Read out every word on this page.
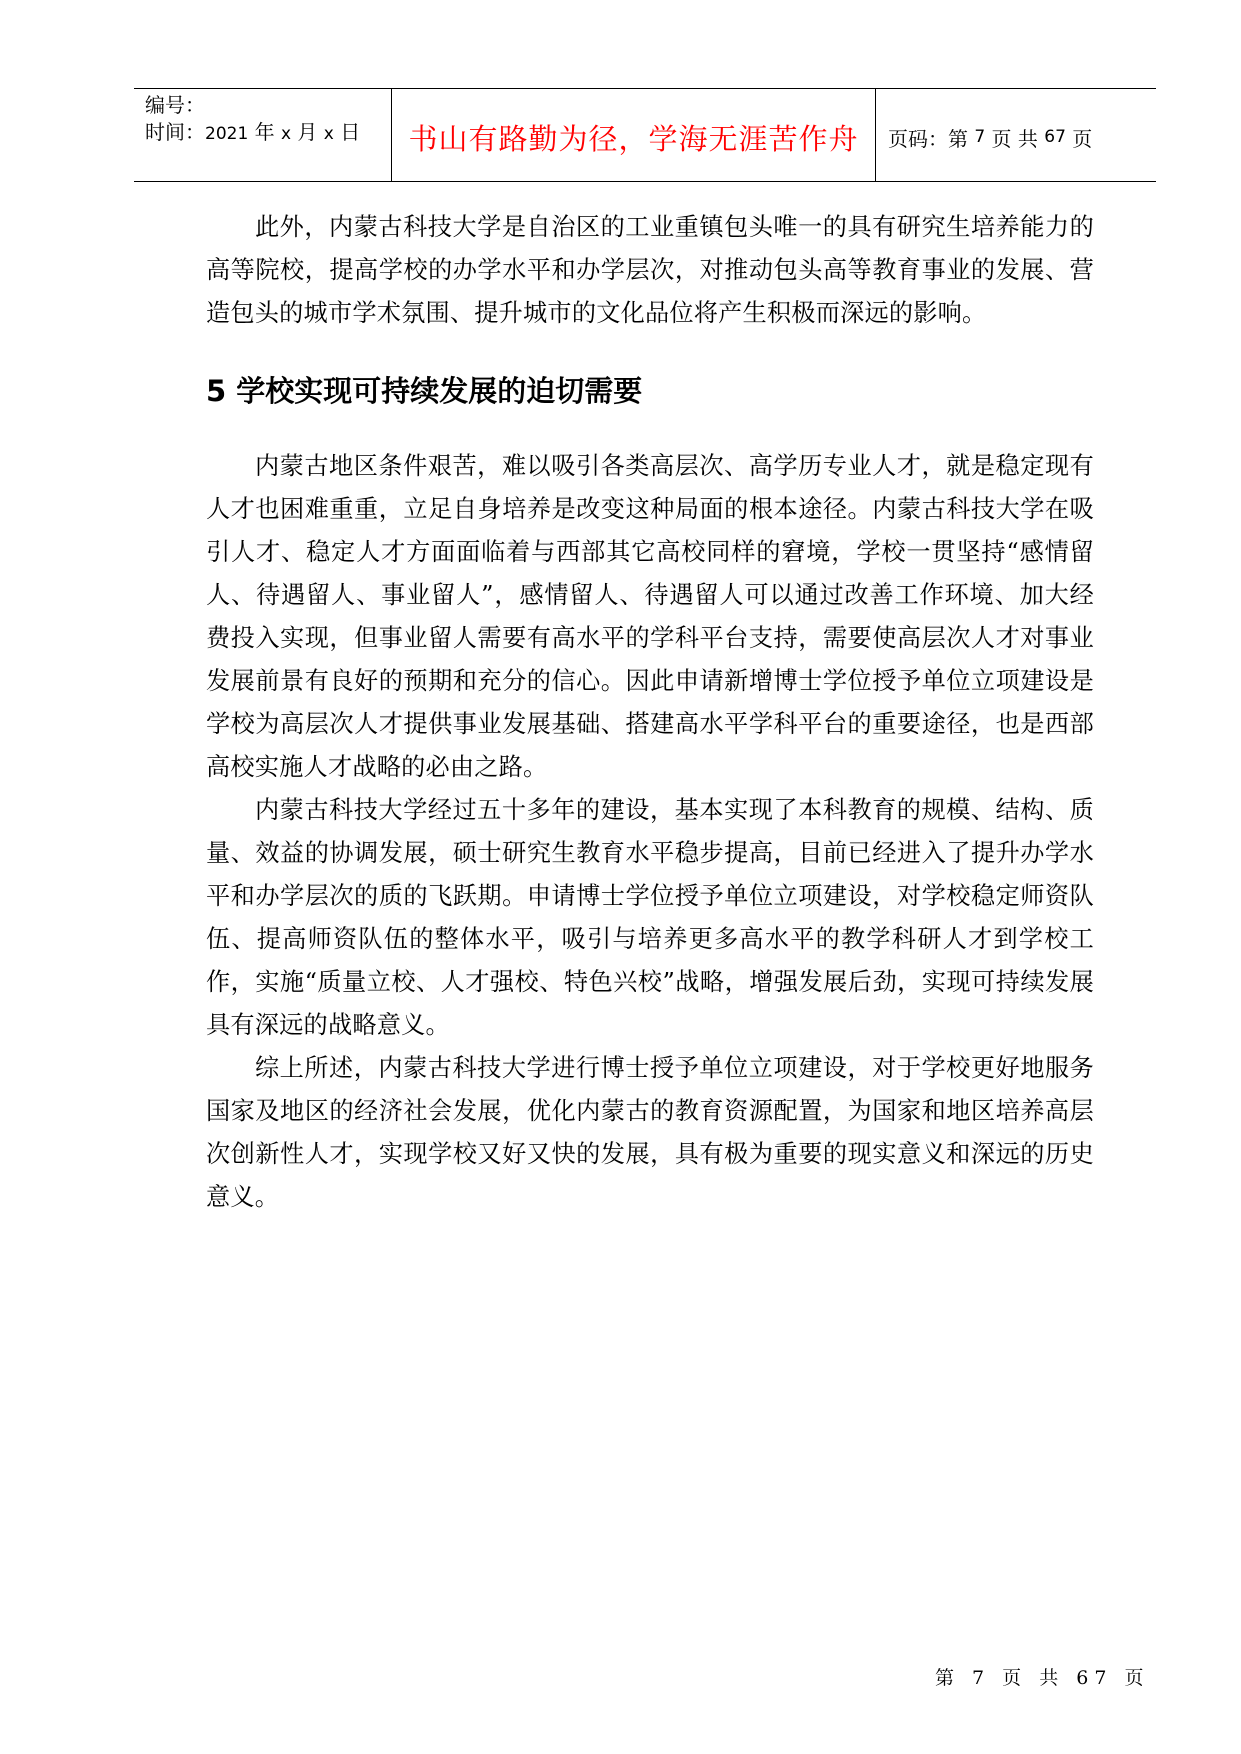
编号：
时间：2021 年 x 月 x 日	书山有路勤为径，学海无涯苦作舟	页码：第
7
页 共
67
页

此外，内蒙古科技大学是自治区的工业重镇包头唯一的具有研究生培养能力的高等院校，提高学校的办学水平和办学层次，对推动包头高等教育事业的发展、营造包头的城市学术氛围、提升城市的文化品位将产生积极而深远的影响。

5 学校实现可持续发展的迫切需要

内蒙古地区条件艰苦，难以吸引各类高层次、高学历专业人才，就是稳定现有人才也困难重重，立足自身培养是改变这种局面的根本途径。内蒙古科技大学在吸引人才、稳定人才方面面临着与西部其它高校同样的窘境，学校一贯坚持“感情留人、待遇留人、事业留人”，感情留人、待遇留人可以通过改善工作环境、加大经费投入实现，但事业留人需要有高水平的学科平台支持，需要使高层次人才对事业发展前景有良好的预期和充分的信心。因此申请新增博士学位授予单位立项建设是学校为高层次人才提供事业发展基础、搭建高水平学科平台的重要途径，也是西部高校实施人才战略的必由之路。

内蒙古科技大学经过五十多年的建设，基本实现了本科教育的规模、结构、质量、效益的协调发展，硕士研究生教育水平稳步提高，目前已经进入了提升办学水平和办学层次的质的飞跃期。申请博士学位授予单位立项建设，对学校稳定师资队伍、提高师资队伍的整体水平，吸引与培养更多高水平的教学科研人才到学校工作，实施“质量立校、人才强校、特色兴校”战略，增强发展后劲，实现可持续发展具有深远的战略意义。

综上所述，内蒙古科技大学进行博士授予单位立项建设，对于学校更好地服务国家及地区的经济社会发展，优化内蒙古的教育资源配置，为国家和地区培养高层次创新性人才，实现学校又好又快的发展，具有极为重要的现实意义和深远的历史意义。

第 7 页 共 67 页
